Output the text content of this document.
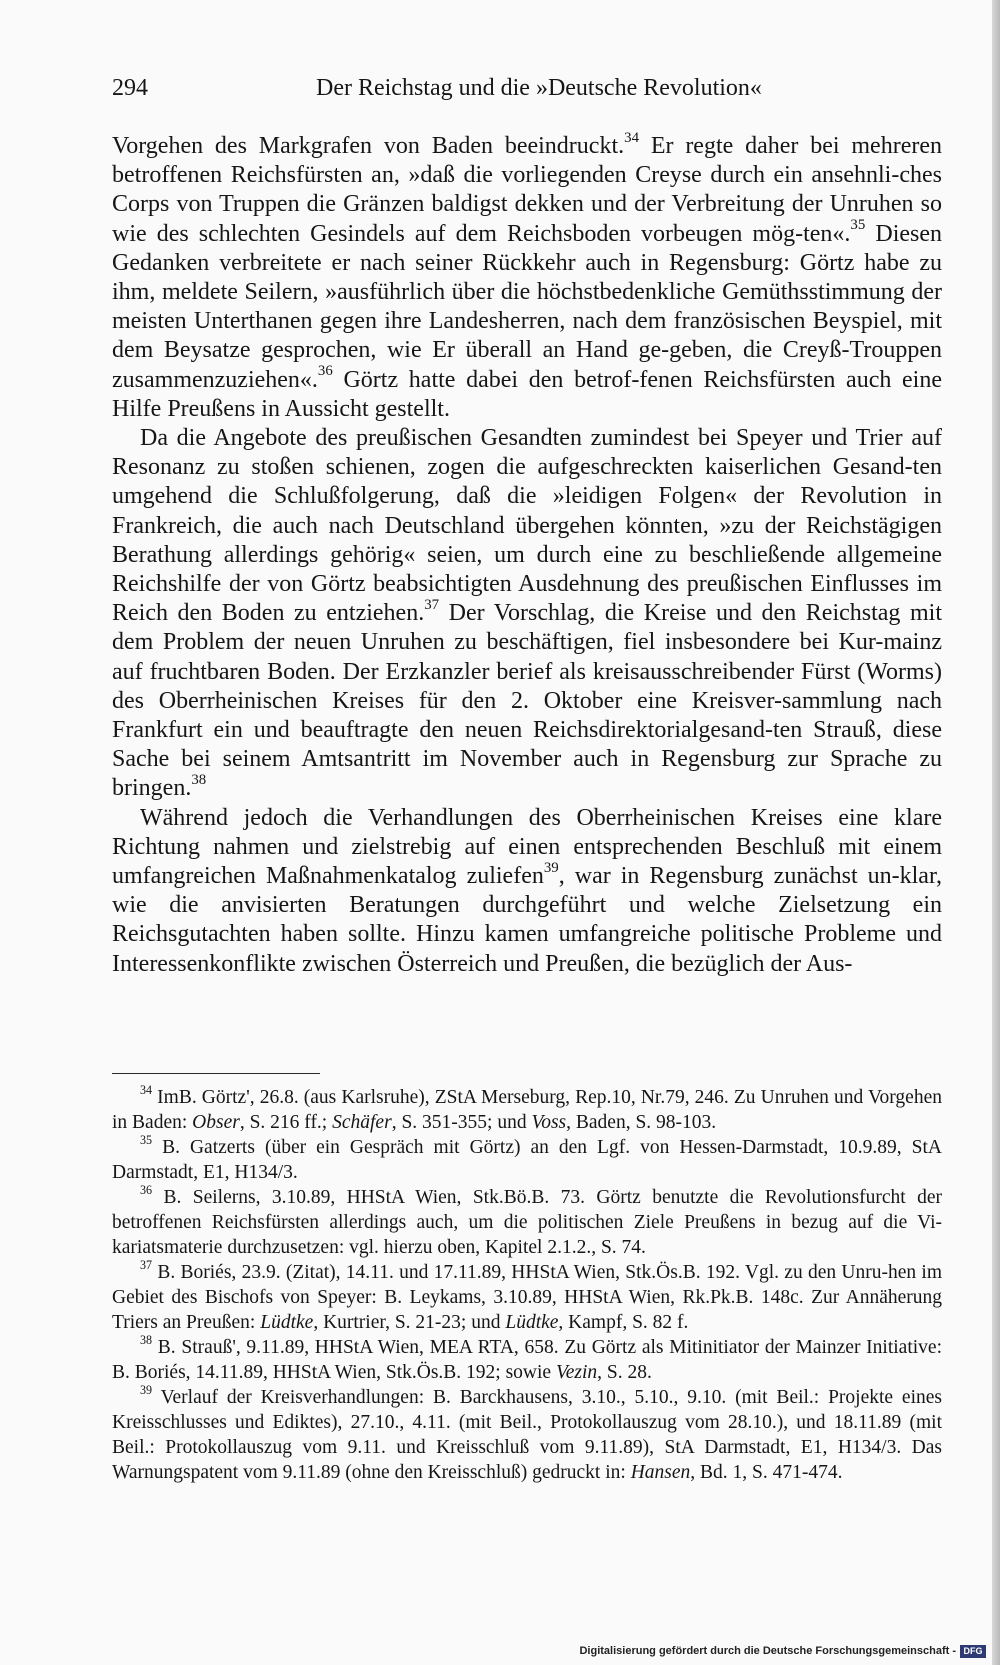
294	Der Reichstag und die »Deutsche Revolution«

Vorgehen des Markgrafen von Baden beeindruckt.$^{34}$ Er regte daher bei mehreren betroffenen Reichsfürsten an, »daß die vorliegenden Creyse durch ein ansehnli-ches Corps von Truppen die Gränzen baldigst dekken und der Verbreitung der Unruhen so wie des schlechten Gesindels auf dem Reichsboden vorbeugen mög-ten«.$^{35}$ Diesen Gedanken verbreitete er nach seiner Rückkehr auch in Regensburg: Görtz habe zu ihm, meldete Seilern, »ausführlich über die höchstbedenkliche Gemüthsstimmung der meisten Unterthanen gegen ihre Landesherren, nach dem französischen Beyspiel, mit dem Beysatze gesprochen, wie Er überall an Hand ge-geben, die Creyß-Trouppen zusammenzuziehen«.$^{36}$ Görtz hatte dabei den betrof-fenen Reichsfürsten auch eine Hilfe Preußens in Aussicht gestellt.

Da die Angebote des preußischen Gesandten zumindest bei Speyer und Trier auf Resonanz zu stoßen schienen, zogen die aufgeschreckten kaiserlichen Gesand-ten umgehend die Schlußfolgerung, daß die »leidigen Folgen« der Revolution in Frankreich, die auch nach Deutschland übergehen könnten, »zu der Reichstägigen Berathung allerdings gehörig« seien, um durch eine zu beschließende allgemeine Reichshilfe der von Görtz beabsichtigten Ausdehnung des preußischen Einflusses im Reich den Boden zu entziehen.$^{37}$ Der Vorschlag, die Kreise und den Reichstag mit dem Problem der neuen Unruhen zu beschäftigen, fiel insbesondere bei Kur-mainz auf fruchtbaren Boden. Der Erzkanzler berief als kreisausschreibender Fürst (Worms) des Oberrheinischen Kreises für den 2. Oktober eine Kreisver-sammlung nach Frankfurt ein und beauftragte den neuen Reichsdirektorialgesand-ten Strauß, diese Sache bei seinem Amtsantritt im November auch in Regensburg zur Sprache zu bringen.$^{38}$

Während jedoch die Verhandlungen des Oberrheinischen Kreises eine klare Richtung nahmen und zielstrebig auf einen entsprechenden Beschluß mit einem umfangreichen Maßnahmenkatalog zuliefen$^{39}$, war in Regensburg zunächst un-klar, wie die anvisierten Beratungen durchgeführt und welche Zielsetzung ein Reichsgutachten haben sollte. Hinzu kamen umfangreiche politische Probleme und Interessenkonflikte zwischen Österreich und Preußen, die bezüglich der Aus-

$^{34}$ ImB. Görtz', 26.8. (aus Karlsruhe), ZStA Merseburg, Rep.10, Nr.79, 246. Zu Unruhen und Vorgehen in Baden: Obser, S. 216 ff.; Schäfer, S. 351-355; und Voss, Baden, S. 98-103.

$^{35}$ B. Gatzerts (über ein Gespräch mit Görtz) an den Lgf. von Hessen-Darmstadt, 10.9.89, StA Darmstadt, E1, H134/3.

$^{36}$ B. Seilerns, 3.10.89, HHStA Wien, Stk.Bö.B. 73. Görtz benutzte die Revolutionsfurcht der betroffenen Reichsfürsten allerdings auch, um die politischen Ziele Preußens in bezug auf die Vi-kariatsmaterie durchzusetzen: vgl. hierzu oben, Kapitel 2.1.2., S. 74.

$^{37}$ B. Boriés, 23.9. (Zitat), 14.11. und 17.11.89, HHStA Wien, Stk.Ös.B. 192. Vgl. zu den Unru-hen im Gebiet des Bischofs von Speyer: B. Leykams, 3.10.89, HHStA Wien, Rk.Pk.B. 148c. Zur Annäherung Triers an Preußen: Lüdtke, Kurtrier, S. 21-23; und Lüdtke, Kampf, S. 82 f.

$^{38}$ B. Strauß', 9.11.89, HHStA Wien, MEA RTA, 658. Zu Görtz als Mitinitiator der Mainzer Initiative: B. Boriés, 14.11.89, HHStA Wien, Stk.Ös.B. 192; sowie Vezin, S. 28.

$^{39}$ Verlauf der Kreisverhandlungen: B. Barckhausens, 3.10., 5.10., 9.10. (mit Beil.: Projekte eines Kreisschlusses und Ediktes), 27.10., 4.11. (mit Beil., Protokollauszug vom 28.10.), und 18.11.89 (mit Beil.: Protokollauszug vom 9.11. und Kreisschluß vom 9.11.89), StA Darmstadt, E1, H134/3. Das Warnungspatent vom 9.11.89 (ohne den Kreisschluß) gedruckt in: Hansen, Bd. 1, S. 471-474.

Digitalisierung gefördert durch die Deutsche Forschungsgemeinschaft - DFG
